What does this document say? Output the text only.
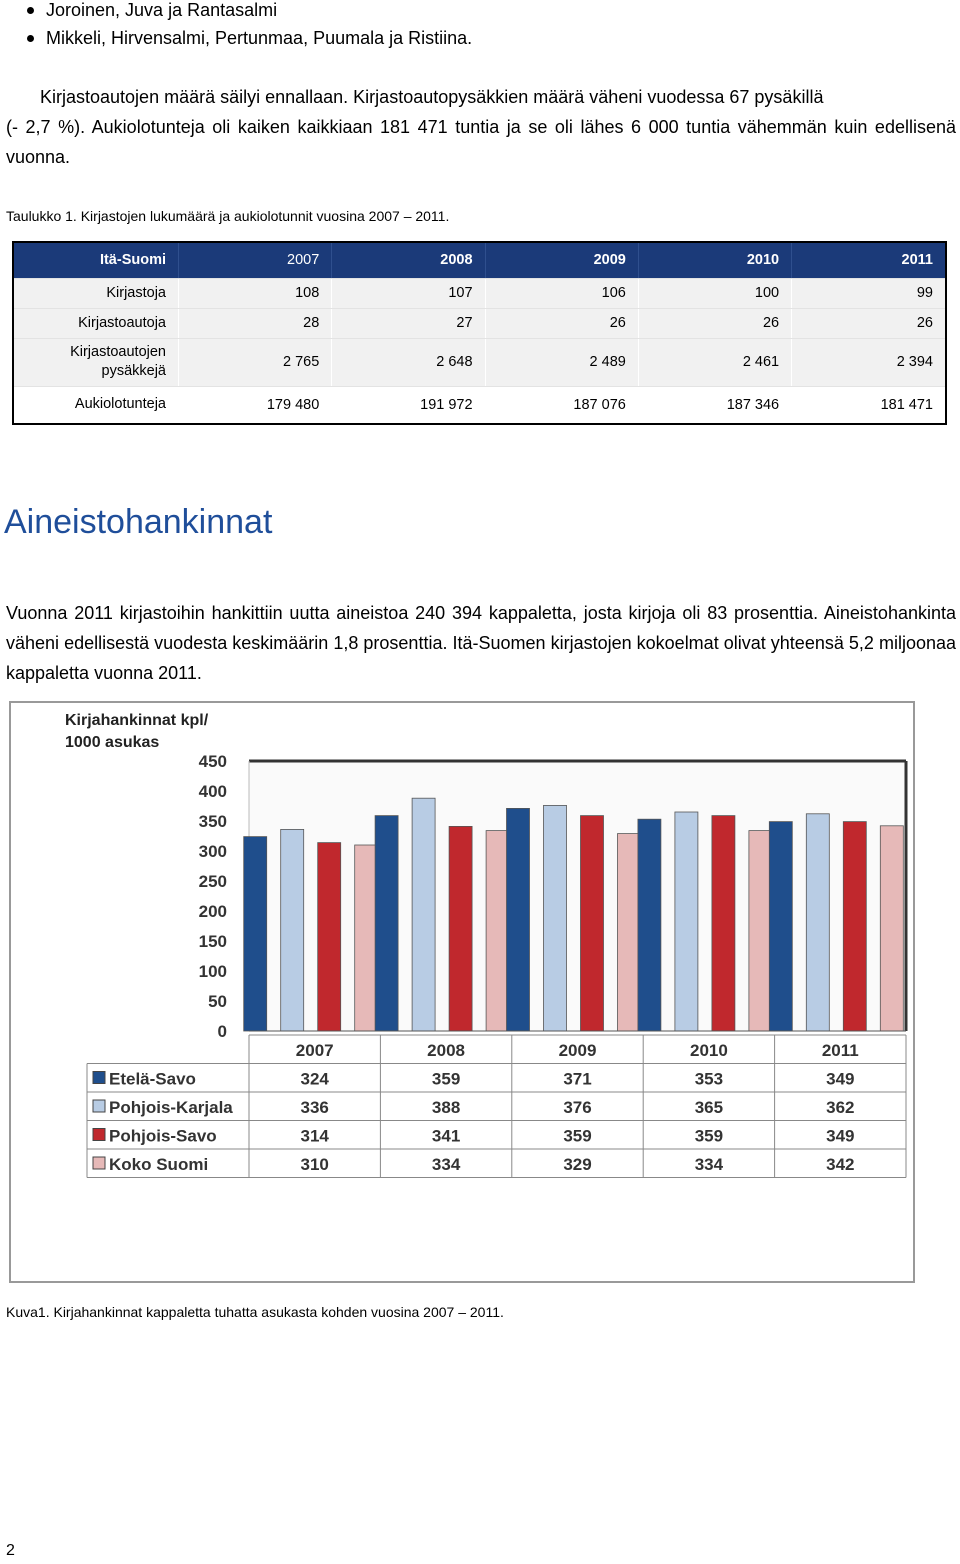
Joroinen, Juva ja Rantasalmi
Mikkeli, Hirvensalmi, Pertunmaa, Puumala ja Ristiina.

Kirjastoautojen määrä säilyi ennallaan. Kirjastoautopysäkkien määrä väheni vuodessa 67 pysäkillä
(- 2,7 %). Aukiolotunteja oli kaiken kaikkiaan 181 471 tuntia ja se oli lähes 6 000 tuntia vähemmän kuin edellisenä vuonna.

Taulukko 1. Kirjastojen lukumäärä ja aukiolotunnit vuosina 2007 – 2011.

Itä-Suomi	2007	2008	2009	2010	2011
Kirjastoja	108	107	106	100	99
Kirjastoautoja	28	27	26	26	26
Kirjastoautojen pysäkkejä	2 765	2 648	2 489	2 461	2 394
Aukiolotunteja	179 480	191 972	187 076	187 346	181 471
Aineistohankinnat

Vuonna 2011 kirjastoihin hankittiin uutta aineistoa 240 394 kappaletta, josta kirjoja oli 83 prosenttia. Aineistohankinta väheni edellisestä vuodesta keskimäärin 1,8 prosenttia. Itä-Suomen kirjastojen kokoelmat olivat yhteensä 5,2 miljoonaa kappaletta vuonna 2011.

Kirjahankinnat kpl/
1000 asukas
450
400
350
300
250
200
150
100
50
0
2007	2008	2009	2010	2011
Etelä-Savo	324	359	371	353	349
Pohjois-Karjala	336	388	376	365	362
Pohjois-Savo	314	341	359	359	349
Koko Suomi	310	334	329	334	342

Kuva1. Kirjahankinnat kappaletta tuhatta asukasta kohden vuosina 2007 – 2011.

2
